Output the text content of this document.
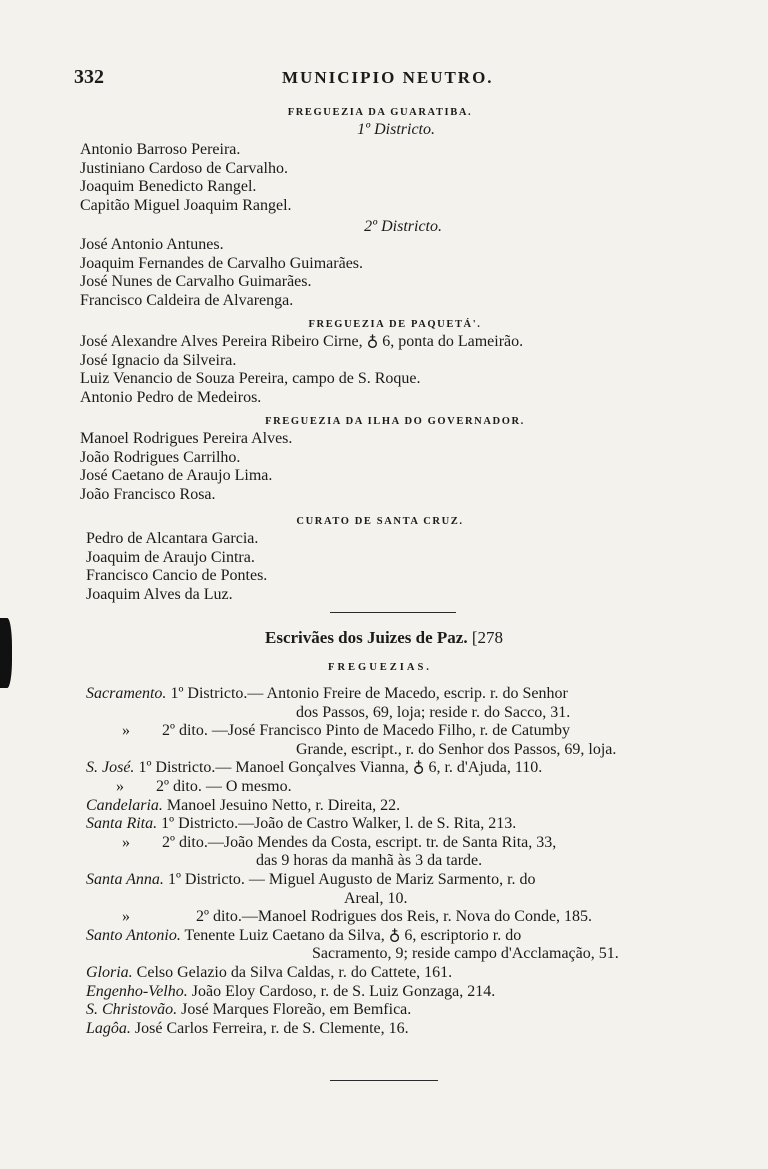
332	MUNICIPIO NEUTRO.
FREGUEZIA DA GUARATIBA.
1º Districto.
Antonio Barroso Pereira.
Justiniano Cardoso de Carvalho.
Joaquim Benedicto Rangel.
Capitão Miguel Joaquim Rangel.
2º Districto.
José Antonio Antunes.
Joaquim Fernandes de Carvalho Guimarães.
José Nunes de Carvalho Guimarães.
Francisco Caldeira de Alvarenga.
FREGUEZIA DE PAQUETÁ'.
José Alexandre Alves Pereira Ribeiro Cirne, ♁ 6, ponta do Lameirão.
José Ignacio da Silveira.
Luiz Venancio de Souza Pereira, campo de S. Roque.
Antonio Pedro de Medeiros.
FREGUEZIA DA ILHA DO GOVERNADOR.
Manoel Rodrigues Pereira Alves.
João Rodrigues Carrilho.
José Caetano de Araujo Lima.
João Francisco Rosa.
CURATO DE SANTA CRUZ.
Pedro de Alcantara Garcia.
Joaquim de Araujo Cintra.
Francisco Cancio de Pontes.
Joaquim Alves da Luz.
Escrivães dos Juizes de Paz. [278
FREGUEZIAS.
Sacramento. 1º Districto.— Antonio Freire de Macedo, escrip. r. do Senhor
dos Passos, 69, loja; reside r. do Sacco, 31.
» 2º dito. —José Francisco Pinto de Macedo Filho, r. de Catumby
Grande, escript., r. do Senhor dos Passos, 69, loja.
S. José. 1º Districto.— Manoel Gonçalves Vianna, ♁ 6, r. d'Ajuda, 110.
» 2º dito. — O mesmo.
Candelaria. Manoel Jesuino Netto, r. Direita, 22.
Santa Rita. 1º Districto.—João de Castro Walker, l. de S. Rita, 213.
» 2º dito.—João Mendes da Costa, escript. tr. de Santa Rita, 33,
das 9 horas da manhã às 3 da tarde.
Santa Anna. 1º Districto. — Miguel Augusto de Mariz Sarmento, r. do
Areal, 10.
»	2º dito.—Manoel Rodrigues dos Reis, r. Nova do Conde, 185.
Santo Antonio. Tenente Luiz Caetano da Silva, ♁ 6, escriptorio r. do
Sacramento, 9; reside campo d'Acclamação, 51.
Gloria. Celso Gelazio da Silva Caldas, r. do Cattete, 161.
Engenho-Velho. João Eloy Cardoso, r. de S. Luiz Gonzaga, 214.
S. Christovão. José Marques Floreão, em Bemfica.
Lagôa. José Carlos Ferreira, r. de S. Clemente, 16.
